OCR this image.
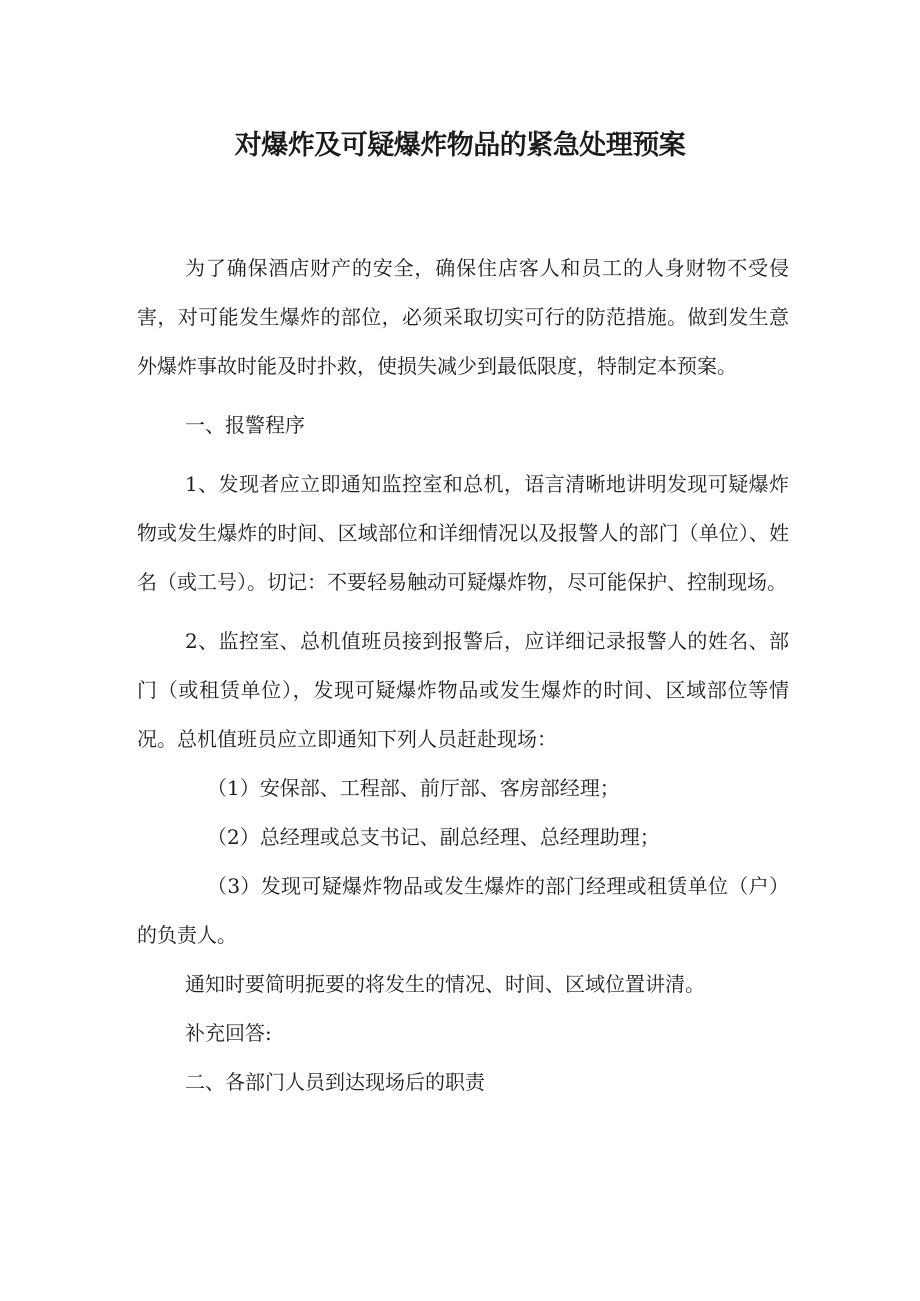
对爆炸及可疑爆炸物品的紧急处理预案

为了确保酒店财产的安全，确保住店客人和员工的人身财物不受侵害，对可能发生爆炸的部位，必须采取切实可行的防范措施。做到发生意外爆炸事故时能及时扑救，使损失减少到最低限度，特制定本预案。

一、报警程序

1、发现者应立即通知监控室和总机，语言清晰地讲明发现可疑爆炸物或发生爆炸的时间、区域部位和详细情况以及报警人的部门（单位）、姓名（或工号）。切记：不要轻易触动可疑爆炸物，尽可能保护、控制现场。

2、监控室、总机值班员接到报警后，应详细记录报警人的姓名、部门（或租赁单位），发现可疑爆炸物品或发生爆炸的时间、区域部位等情况。总机值班员应立即通知下列人员赶赴现场：

（1）安保部、工程部、前厅部、客房部经理；

（2）总经理或总支书记、副总经理、总经理助理；

（3）发现可疑爆炸物品或发生爆炸的部门经理或租赁单位（户）的负责人。

通知时要简明扼要的将发生的情况、时间、区域位置讲清。

补充回答:

二、各部门人员到达现场后的职责
